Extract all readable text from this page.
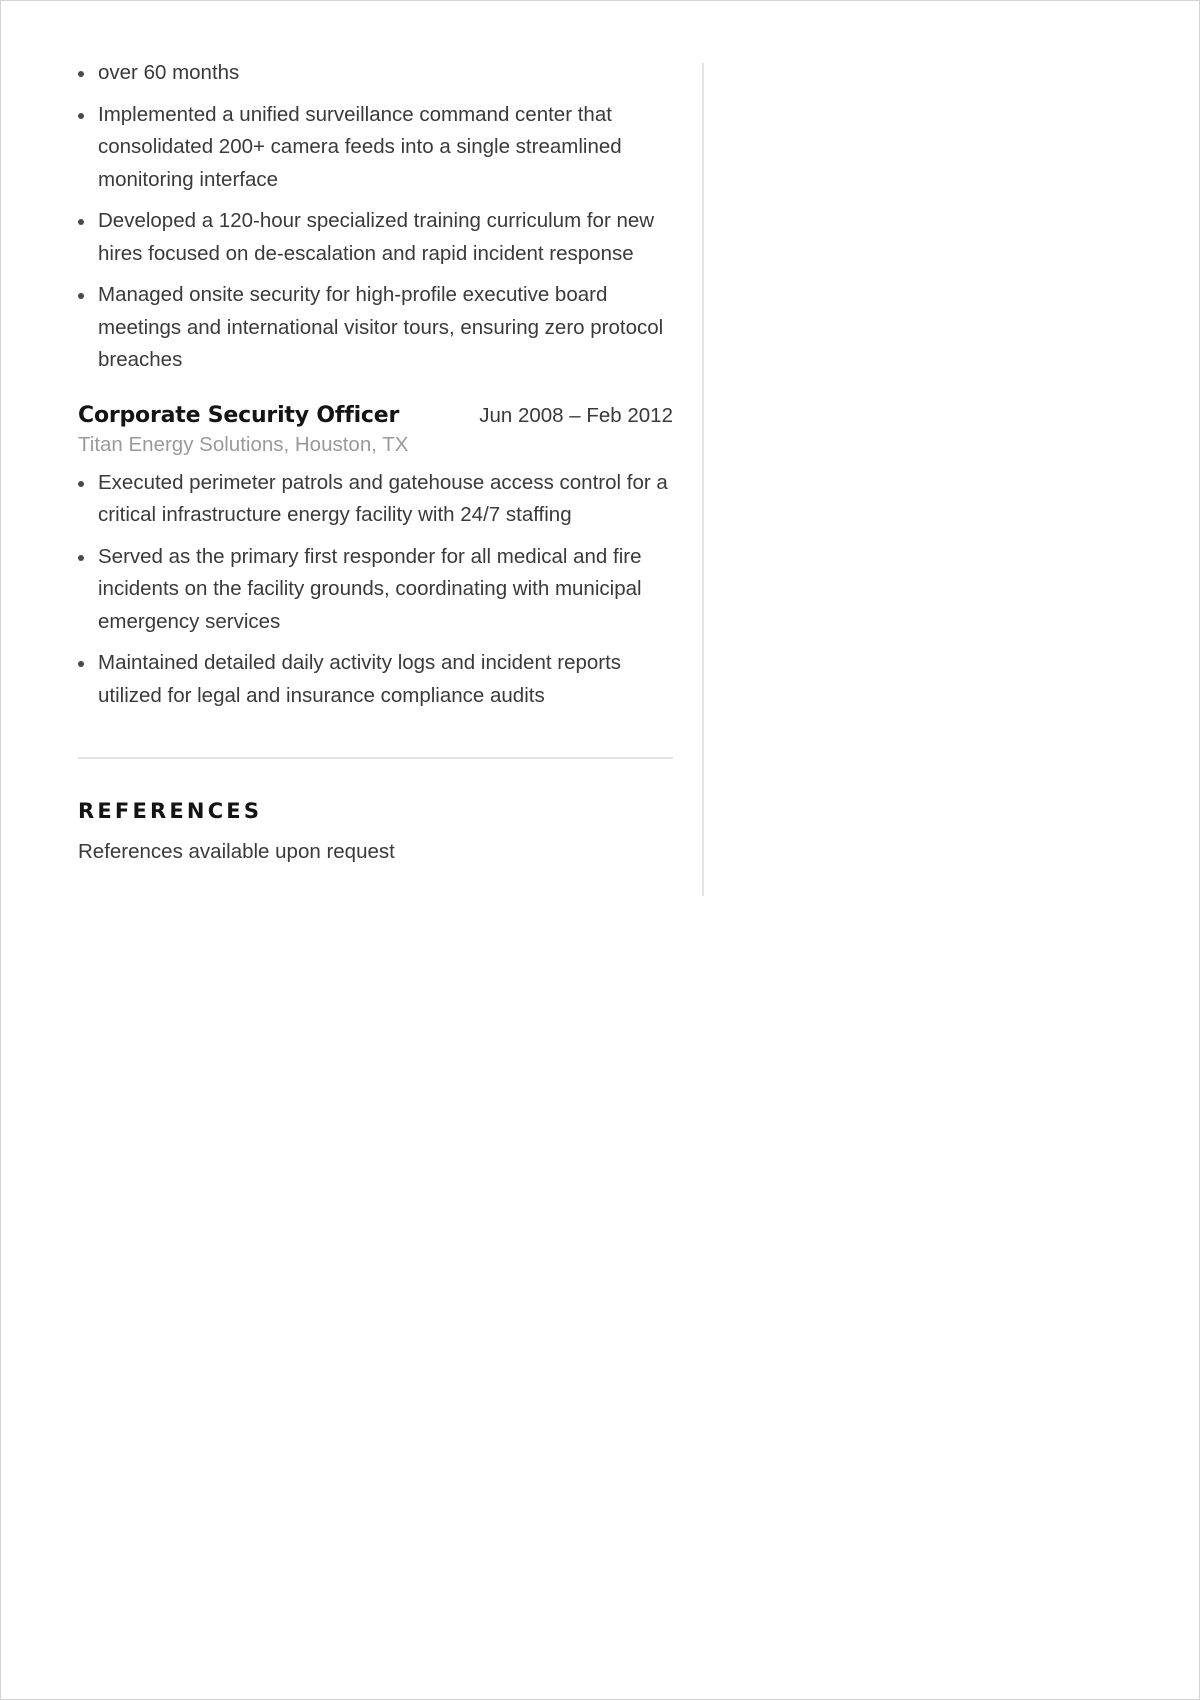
over 60 months
Implemented a unified surveillance command center that consolidated 200+ camera feeds into a single streamlined monitoring interface
Developed a 120-hour specialized training curriculum for new hires focused on de-escalation and rapid incident response
Managed onsite security for high-profile executive board meetings and international visitor tours, ensuring zero protocol breaches
Corporate Security Officer	Jun 2008 – Feb 2012
Titan Energy Solutions, Houston, TX
Executed perimeter patrols and gatehouse access control for a critical infrastructure energy facility with 24/7 staffing
Served as the primary first responder for all medical and fire incidents on the facility grounds, coordinating with municipal emergency services
Maintained detailed daily activity logs and incident reports utilized for legal and insurance compliance audits
REFERENCES
References available upon request
